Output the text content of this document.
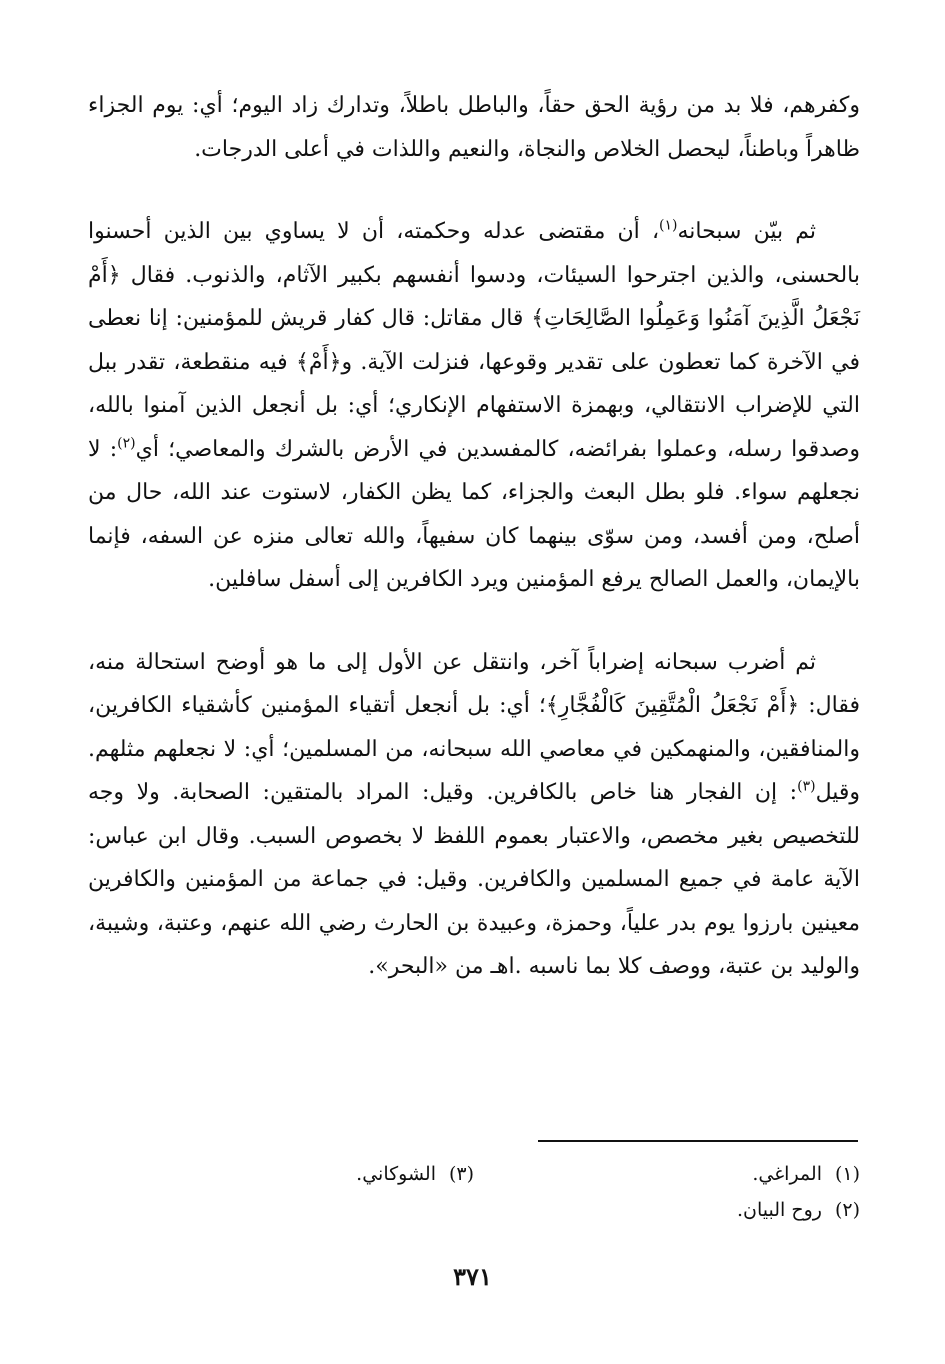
وكفرهم، فلا بد من رؤية الحق حقاً، والباطل باطلاً، وتدارك زاد اليوم؛ أي: يوم الجزاء ظاهراً وباطناً، ليحصل الخلاص والنجاة، والنعيم واللذات في أعلى الدرجات.

ثم بيّن سبحانه$^{(١)}$، أن مقتضى عدله وحكمته، أن لا يساوي بين الذين أحسنوا بالحسنى، والذين اجترحوا السيئات، ودسوا أنفسهم بكبير الآثام، والذنوب. فقال ﴿أَمْ نَجْعَلُ الَّذِينَ آمَنُوا وَعَمِلُوا الصَّالِحَاتِ﴾ قال مقاتل: قال كفار قريش للمؤمنين: إنا نعطى في الآخرة كما تعطون على تقدير وقوعها، فنزلت الآية. و﴿أَمْ﴾ فيه منقطعة، تقدر ببل التي للإضراب الانتقالي، وبهمزة الاستفهام الإنكاري؛ أي: بل أنجعل الذين آمنوا بالله، وصدقوا رسله، وعملوا بفرائضه، كالمفسدين في الأرض بالشرك والمعاصي؛ أي$^{(٢)}$: لا نجعلهم سواء. فلو بطل البعث والجزاء، كما يظن الكفار، لاستوت عند الله، حال من أصلح، ومن أفسد، ومن سوّى بينهما كان سفيهاً، والله تعالى منزه عن السفه، فإنما بالإيمان، والعمل الصالح يرفع المؤمنين ويرد الكافرين إلى أسفل سافلين.

ثم أضرب سبحانه إضراباً آخر، وانتقل عن الأول إلى ما هو أوضح استحالة منه، فقال: ﴿أَمْ نَجْعَلُ الْمُتَّقِينَ كَالْفُجَّارِ﴾؛ أي: بل أنجعل أتقياء المؤمنين كأشقياء الكافرين، والمنافقين، والمنهمكين في معاصي الله سبحانه، من المسلمين؛ أي: لا نجعلهم مثلهم. وقيل$^{(٣)}$: إن الفجار هنا خاص بالكافرين. وقيل: المراد بالمتقين: الصحابة. ولا وجه للتخصيص بغير مخصص، والاعتبار بعموم اللفظ لا بخصوص السبب. وقال ابن عباس: الآية عامة في جميع المسلمين والكافرين. وقيل: في جماعة من المؤمنين والكافرين معينين بارزوا يوم بدر علياً، وحمزة، وعبيدة بن الحارث رضي الله عنهم، وعتبة، وشيبة، والوليد بن عتبة، ووصف كلا بما ناسبه .اهـ من «البحر».

(١)المراغي.
(٣)الشوكاني.
(٢)روح البيان.
٣٧١
